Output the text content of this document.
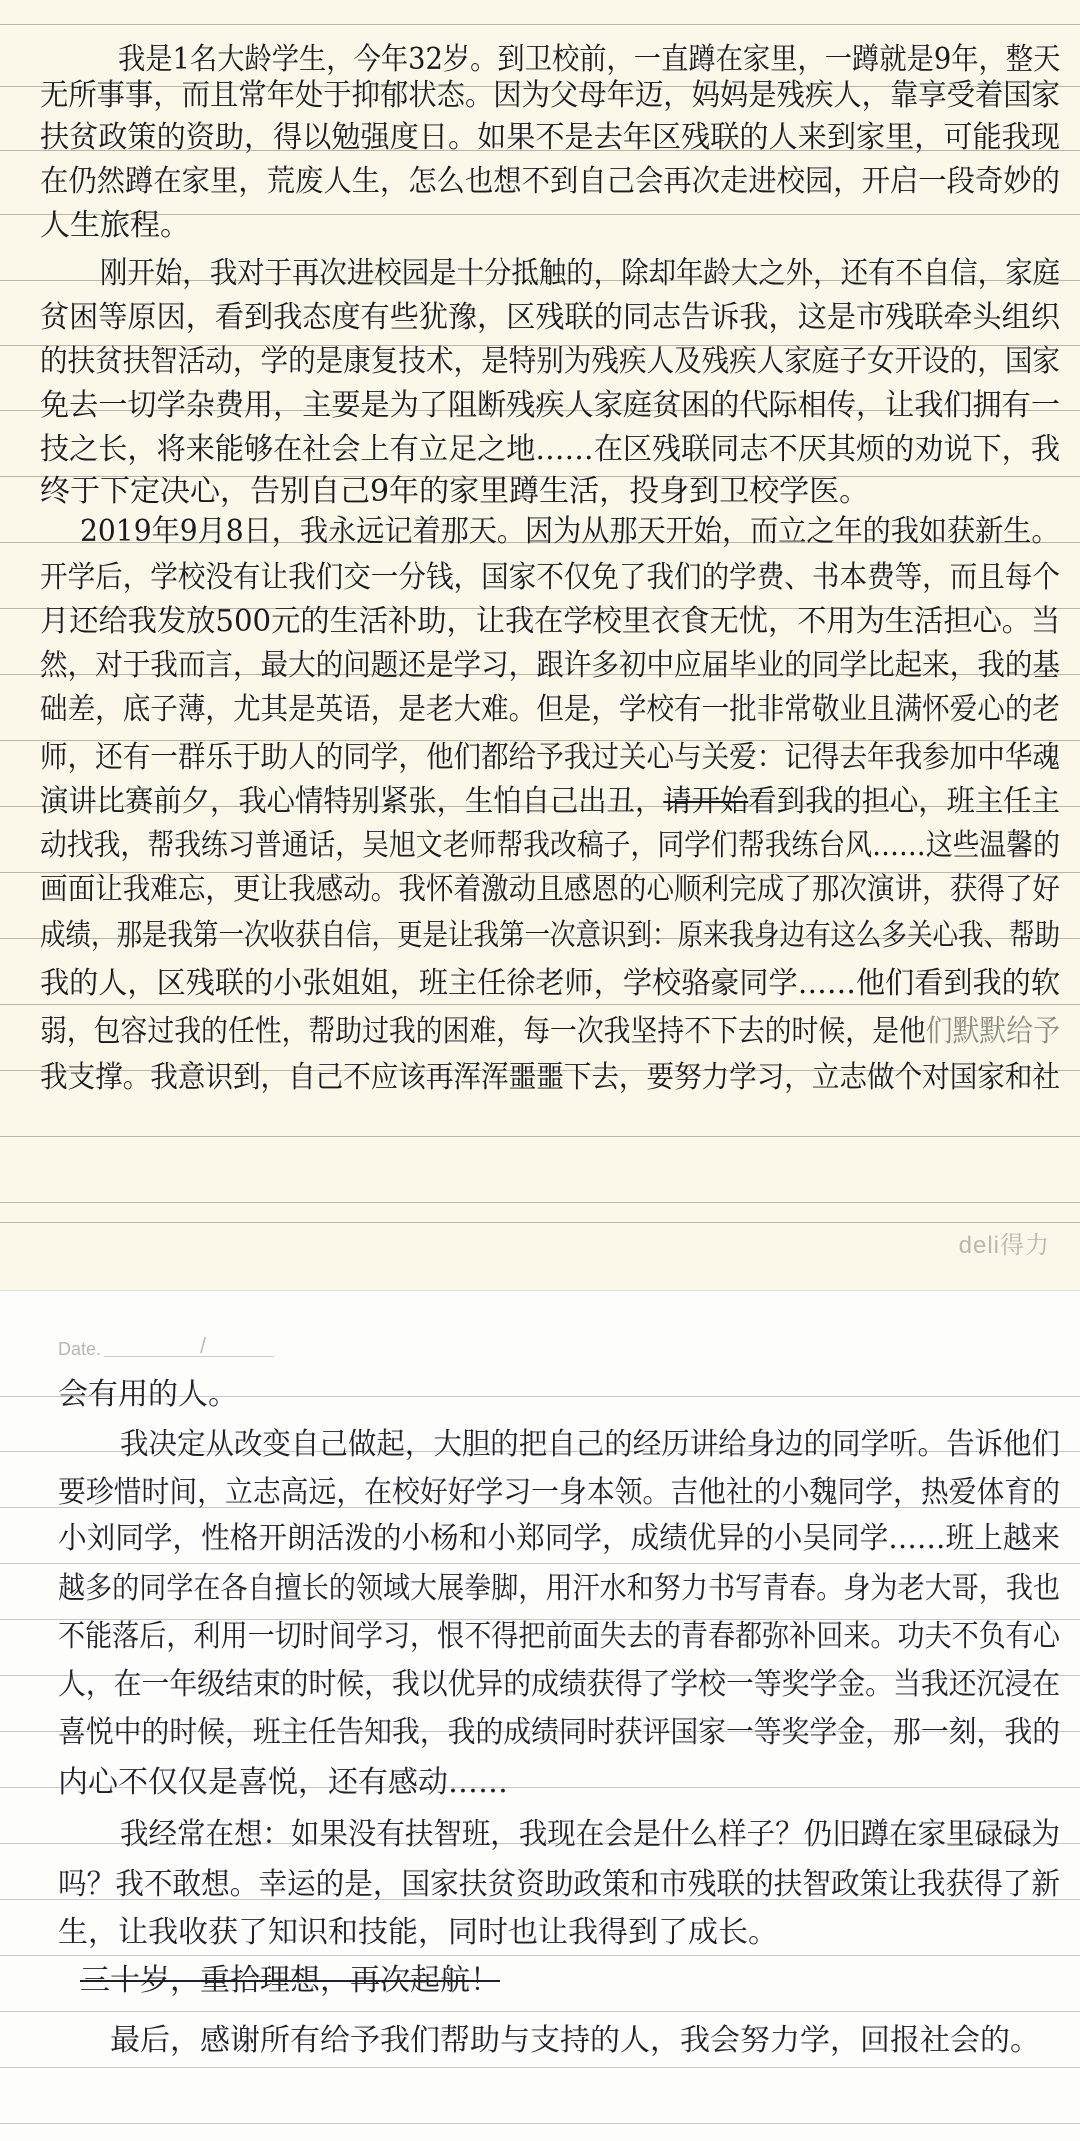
我是1名大龄学生，今年32岁。到卫校前，一直蹲在家里，一蹲就是9年，整天
无所事事，而且常年处于抑郁状态。因为父母年迈，妈妈是残疾人，靠享受着国家
扶贫政策的资助，得以勉强度日。如果不是去年区残联的人来到家里，可能我现
在仍然蹲在家里，荒废人生，怎么也想不到自己会再次走进校园，开启一段奇妙的
人生旅程。
刚开始，我对于再次进校园是十分抵触的，除却年龄大之外，还有不自信，家庭
贫困等原因，看到我态度有些犹豫，区残联的同志告诉我，这是市残联牵头组织
的扶贫扶智活动，学的是康复技术，是特别为残疾人及残疾人家庭子女开设的，国家
免去一切学杂费用，主要是为了阻断残疾人家庭贫困的代际相传，让我们拥有一
技之长，将来能够在社会上有立足之地……在区残联同志不厌其烦的劝说下，我
终于下定决心，告别自己9年的家里蹲生活，投身到卫校学医。
2019年9月8日，我永远记着那天。因为从那天开始，而立之年的我如获新生。
开学后，学校没有让我们交一分钱，国家不仅免了我们的学费、书本费等，而且每个
月还给我发放500元的生活补助，让我在学校里衣食无忧，不用为生活担心。当
然，对于我而言，最大的问题还是学习，跟许多初中应届毕业的同学比起来，我的基
础差，底子薄，尤其是英语，是老大难。但是，学校有一批非常敬业且满怀爱心的老
师，还有一群乐于助人的同学，他们都给予我过关心与关爱：记得去年我参加中华魂
演讲比赛前夕，我心情特别紧张，生怕自己出丑，请开始看到我的担心，班主任主
动找我，帮我练习普通话，吴旭文老师帮我改稿子，同学们帮我练台风……这些温馨的
画面让我难忘，更让我感动。我怀着激动且感恩的心顺利完成了那次演讲，获得了好
成绩，那是我第一次收获自信，更是让我第一次意识到：原来我身边有这么多关心我、帮助
我的人，区残联的小张姐姐，班主任徐老师，学校骆豪同学……他们看到我的软
弱，包容过我的任性，帮助过我的困难，每一次我坚持不下去的时候，是他们默默给予
我支撑。我意识到，自己不应该再浑浑噩噩下去，要努力学习，立志做个对国家和社
deli得力
Date.	/
会有用的人。
我决定从改变自己做起，大胆的把自己的经历讲给身边的同学听。告诉他们
要珍惜时间，立志高远，在校好好学习一身本领。吉他社的小魏同学，热爱体育的
小刘同学，性格开朗活泼的小杨和小郑同学，成绩优异的小吴同学……班上越来
越多的同学在各自擅长的领域大展拳脚，用汗水和努力书写青春。身为老大哥，我也
不能落后，利用一切时间学习，恨不得把前面失去的青春都弥补回来。功夫不负有心
人，在一年级结束的时候，我以优异的成绩获得了学校一等奖学金。当我还沉浸在
喜悦中的时候，班主任告知我，我的成绩同时获评国家一等奖学金，那一刻，我的
内心不仅仅是喜悦，还有感动……
我经常在想：如果没有扶智班，我现在会是什么样子？仍旧蹲在家里碌碌为
吗？我不敢想。幸运的是，国家扶贫资助政策和市残联的扶智政策让我获得了新
生，让我收获了知识和技能，同时也让我得到了成长。
三十岁，重拾理想，再次起航！
最后，感谢所有给予我们帮助与支持的人，我会努力学，回报社会的。
